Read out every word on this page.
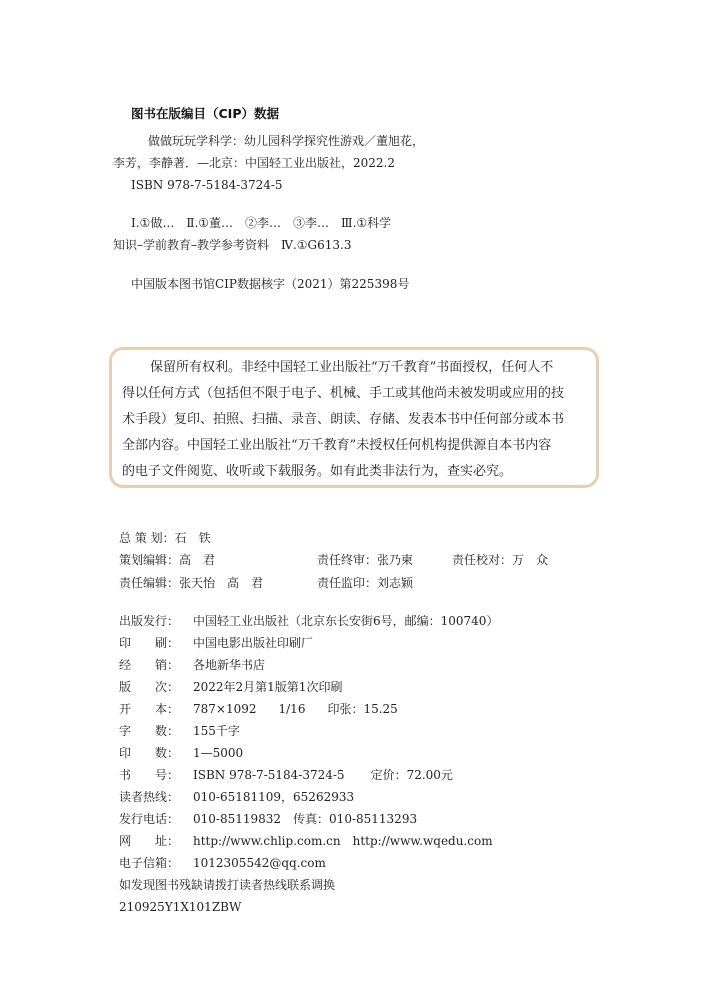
图书在版编目（CIP）数据
做做玩玩学科学：幼儿园科学探究性游戏／董旭花，
李芳，李静著．—北京：中国轻工业出版社，2022.2
ISBN 978-7-5184-3724-5
Ⅰ.①做…　Ⅱ.①董…　②李…　③李…　Ⅲ.①科学
知识–学前教育–教学参考资料　Ⅳ.①G613.3
中国版本图书馆CIP数据核字（2021）第225398号
保留所有权利。非经中国轻工业出版社“万千教育”书面授权，任何人不
得以任何方式（包括但不限于电子、机械、手工或其他尚未被发明或应用的技
术手段）复印、拍照、扫描、录音、朗读、存储、发表本书中任何部分或本书
全部内容。中国轻工业出版社“万千教育”未授权任何机构提供源自本书内容
的电子文件阅览、收听或下载服务。如有此类非法行为，查实必究。
总 策 划：石　铁
策划编辑：高　君	责任终审：张乃柬	责任校对：万　众
责任编辑：张天怡　高　君	责任监印：刘志颖
出版发行： 中国轻工业出版社（北京东长安街6号，邮编：100740）
印　　刷： 中国电影出版社印刷厂
经　　销： 各地新华书店
版　　次： 2022年2月第1版第1次印刷
开　　本： 787×1092 1/16 印张：15.25
字　　数： 155千字
印　　数： 1—5000
书　　号： ISBN 978-7-5184-3724-5 定价：72.00元
读者热线： 010-65181109，65262933
发行电话： 010-85119832 传真：010-85113293
网　　址： http://www.chlip.com.cn http://www.wqedu.com
电子信箱： 1012305542@qq.com
如发现图书残缺请拨打读者热线联系调换
210925Y1X101ZBW
